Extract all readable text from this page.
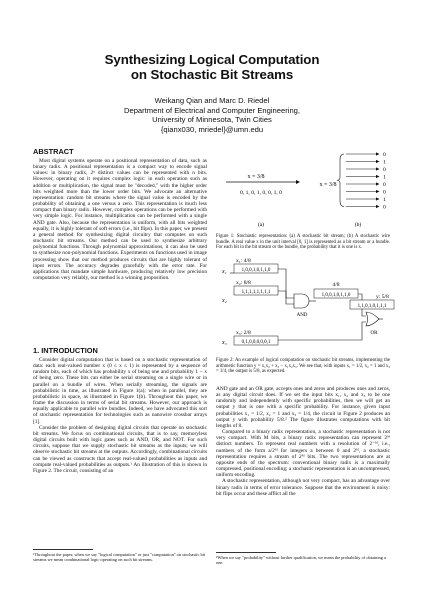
Synthesizing Logical Computation
on Stochastic Bit Streams
Weikang Qian and Marc D. Riedel
Department of Electrical and Computer Engineering,
University of Minnesota, Twin Cities
{qianx030, mriedel}@umn.edu
ABSTRACT

Most digital systems operate on a positional representation of data, such as binary radix. A positional representation is a compact way to encode signal values: in binary radix, 2ⁿ distinct values can be represented with n bits. However, operating on it requires complex logic: in each operation such as addition or multiplication, the signal must be "decoded," with the higher order bits weighted more than the lower order bits. We advocate an alternative representation: random bit streams where the signal value is encoded by the probability of obtaining a one versus a zero. This representation is much less compact than binary radix. However, complex operations can be performed with very simple logic. For instance, multiplication can be performed with a single AND gate. Also, because the representation is uniform, with all bits weighted equally, it is highly tolerant of soft errors (i.e., bit flips). In this paper, we present a general method for synthesizing digital circuitry that computes on such stochastic bit streams. Our method can be used to synthesize arbitrary polynomial functions. Through polynomial approximations, it can also be used to synthesize non-polynomial functions. Experiments on functions used in image processing show that our method produces circuits that are highly tolerant of input errors. The accuracy degrades gracefully with the error rate. For applications that mandate simple hardware, producing relatively low precision computation very reliably, our method is a winning proposition.

1. INTRODUCTION

Consider digital computation that is based on a stochastic representation of data: each real-valued number x (0 ≤ x ≤ 1) is represented by a sequence of random bits, each of which has probability x of being one and probability 1 − x of being zero. These bits can either be serial streaming on a single wire or in parallel on a bundle of wires. When serially streaming, the signals are probabilistic in time, as illustrated in Figure 1(a); when in parallel, they are probabilistic in space, as illustrated in Figure 1(b). Throughout this paper, we frame the discussion in terms of serial bit streams. However, our approach is equally applicable to parallel wire bundles. Indeed, we have advocated this sort of stochastic representation for technologies such as nanowire crossbar arrays [1].

Consider the problem of designing digital circuits that operate on stochastic bit streams. We focus on combinational circuits, that is to say, memoryless digital circuits built with logic gates such as AND, OR, and NOT. For such circuits, suppose that we supply stochastic bit streams as the inputs; we will observe stochastic bit streams at the outputs. Accordingly, combinational circuits can be viewed as constructs that accept real-valued probabilities as inputs and compute real-valued probabilities as outputs.¹ An illustration of this is shown in Figure 2. The circuit, consisting of an

¹Throughout the paper, when we say "logical computation" or just "computation" on stochastic bit streams we mean combinational logic operating on such bit streams.
x = 3/8
0, 1, 0, 1, 0, 0, 1, 0
(a)
x = 3/8
0
1
0
1
0
0
1
0
(b)
Figure 1: Stochastic representation: (a) A stochastic bit stream; (b) A stochastic wire bundle. A real value x in the unit interval [0, 1] is represented as a bit stream or a bundle. For each bit in the bit stream or the bundle, the probability that it is one is x.
x₁: 4/8
1,0,0,1,0,1,1,0
x₁
x₂: 8/8
1,1,1,1,1,1,1,1
x₂
AND
4/8
1,0,0,1,0,1,1,0
x₃: 2/8
0,1,0,0,0,0,0,1
x₃
OR
y: 5/8
1,1,0,1,0,1,1,1
Figure 2: An example of logical computation on stochastic bit streams, implementing the arithmetic function y = x₁x₂ + x₃ − x₁x₂x₃. We see that, with inputs x₁ = 1/2, x₂ = 1 and x₃ = 1/4, the output is 5/8, as expected.

AND gate and an OR gate, accepts ones and zeros and produces ones and zeros, as any digital circuit does. If we set the input bits x₁, x₂ and x₃ to be one randomly and independently with specific probabilities, then we will get an output y that is one with a specific probability. For instance, given input probabilities x₁ = 1/2, x₂ = 1 and x₃ = 1/4, the circuit in Figure 2 produces an output y with probability 5/8.² The figure illustrates computations with bit lengths of 8.

Compared to a binary radix representation, a stochastic representation is not very compact. With M bits, a binary radix representation can represent 2ᴹ distinct numbers. To represent real numbers with a resolution of 2⁻ᴹ, i.e., numbers of the form a/2ᴹ for integers a between 0 and 2ᴹ, a stochastic representation requires a stream of 2ᴹ bits. The two representations are at opposite ends of the spectrum: conventional binary radix is a maximally compressed, positional encoding; a stochastic representation is an uncompressed, uniform encoding.

A stochastic representation, although not very compact, has an advantage over binary radix in terms of error tolerance. Suppose that the environment is noisy: bit flips occur and these afflict all the

²When we say "probability" without further qualification, we mean the probability of obtaining a one.
